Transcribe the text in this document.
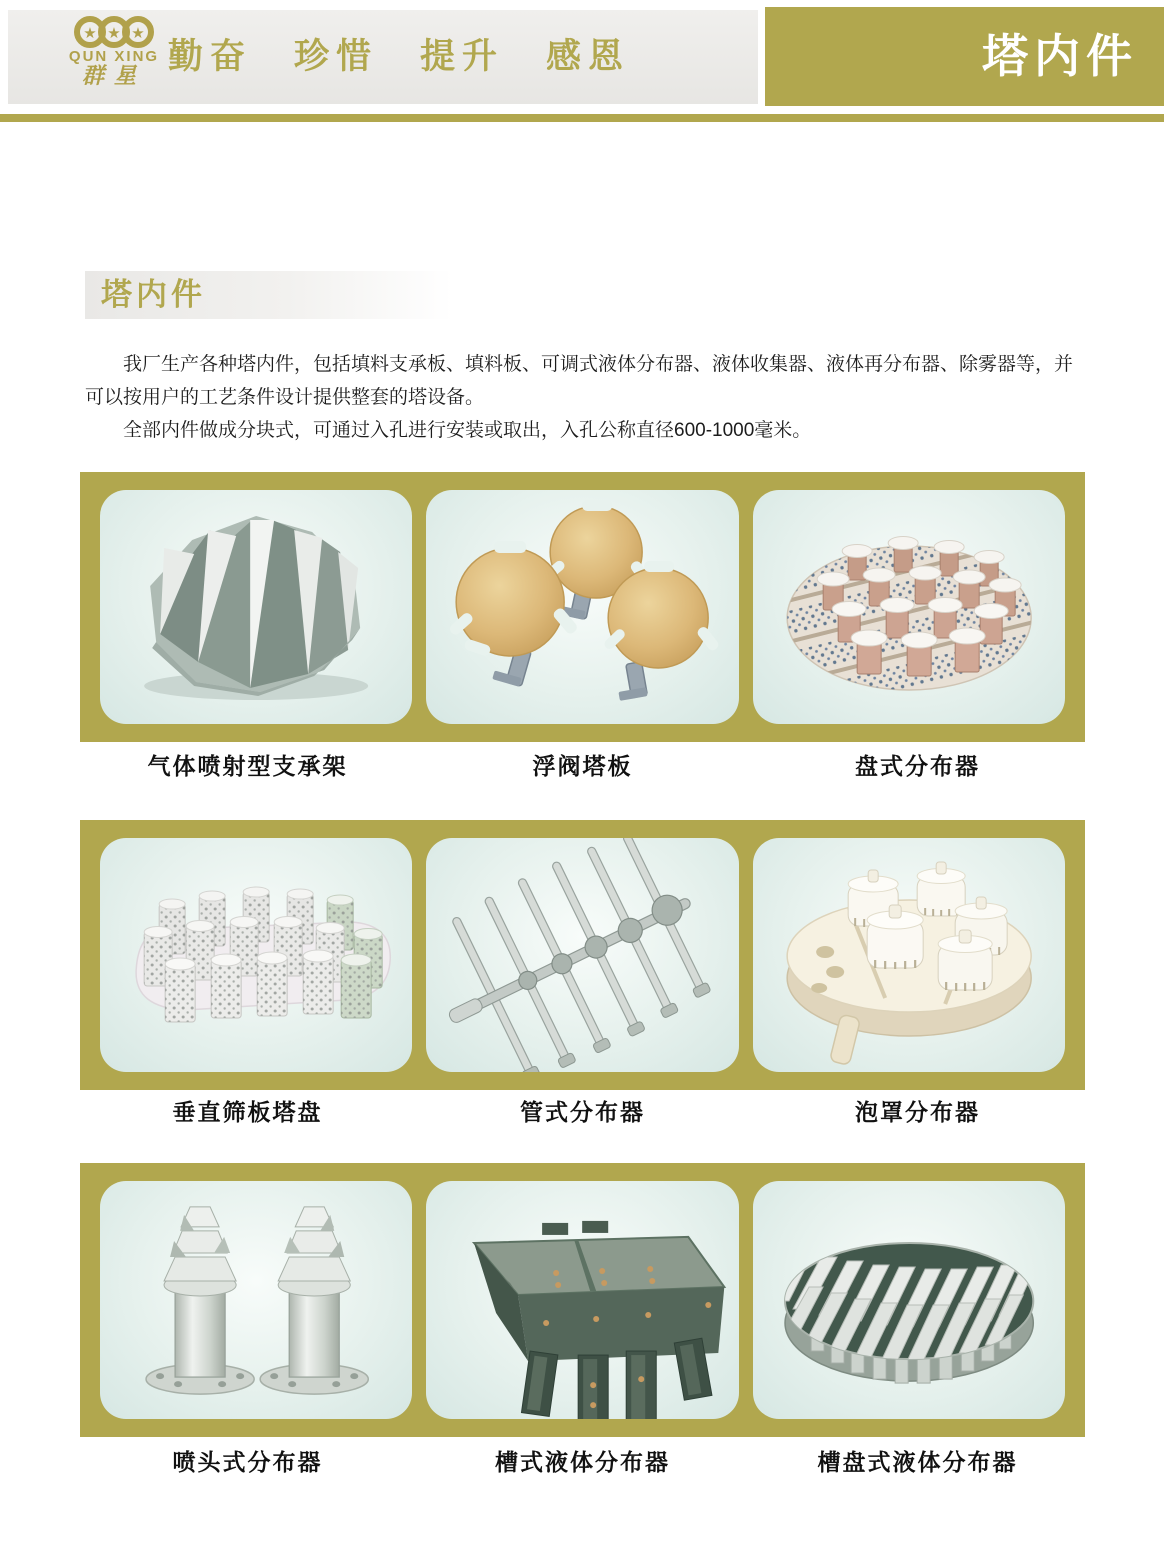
★ ★ ★
QUN XING
群星 勤奋　珍惜　提升　感恩	塔内件
塔内件

我厂生产各种塔内件，包括填料支承板、填料板、可调式液体分布器、液体收集器、液体再分布器、除雾器等，并可以按用户的工艺条件设计提供整套的塔设备。

全部内件做成分块式，可通过入孔进行安装或取出，入孔公称直径600-1000毫米。

气体喷射型支承架	浮阀塔板	盘式分布器
垂直筛板塔盘	管式分布器	泡罩分布器
喷头式分布器	槽式液体分布器	槽盘式液体分布器
